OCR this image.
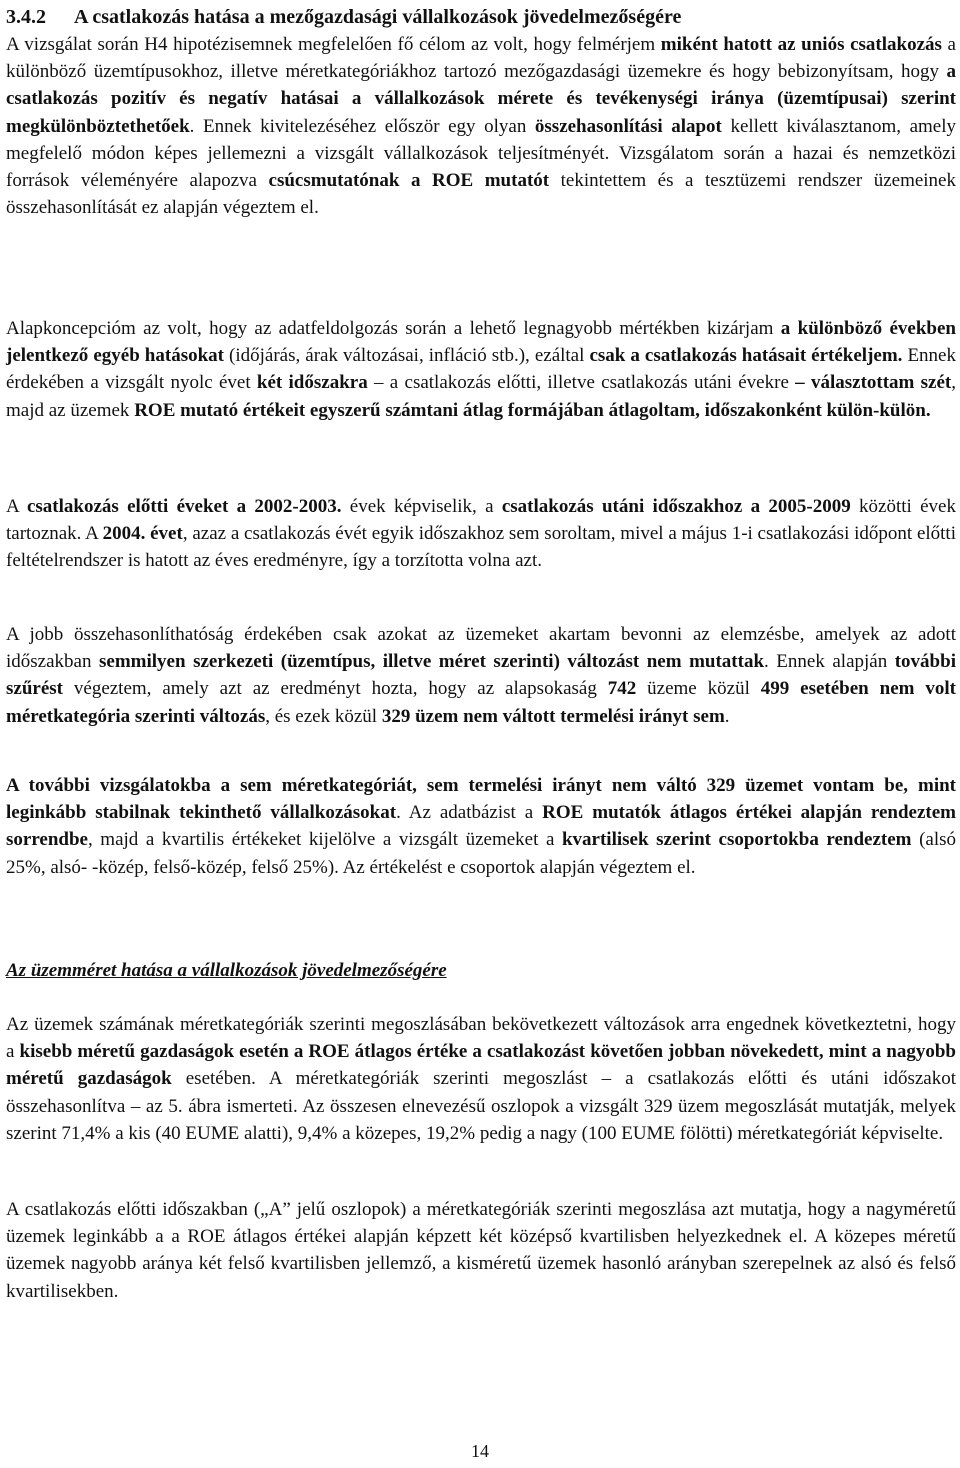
3.4.2 A csatlakozás hatása a mezőgazdasági vállalkozások jövedelmezőségére

A vizsgálat során H4 hipotézisemnek megfelelően fő célom az volt, hogy felmérjem miként hatott az uniós csatlakozás a különböző üzemtípusokhoz, illetve méretkategóriákhoz tartozó mezőgazdasági üzemekre és hogy bebizonyítsam, hogy a csatlakozás pozitív és negatív hatásai a vállalkozások mérete és tevékenységi iránya (üzemtípusai) szerint megkülönböztethetőek. Ennek kivitelezéséhez először egy olyan összehasonlítási alapot kellett kiválasztanom, amely megfelelő módon képes jellemezni a vizsgált vállalkozások teljesítményét. Vizsgálatom során a hazai és nemzetközi források véleményére alapozva csúcsmutatónak a ROE mutatót tekintettem és a tesztüzemi rendszer üzemeinek összehasonlítását ez alapján végeztem el.

Alapkoncepcióm az volt, hogy az adatfeldolgozás során a lehető legnagyobb mértékben kizárjam a különböző években jelentkező egyéb hatásokat (időjárás, árak változásai, infláció stb.), ezáltal csak a csatlakozás hatásait értékeljem. Ennek érdekében a vizsgált nyolc évet két időszakra – a csatlakozás előtti, illetve csatlakozás utáni évekre – választottam szét, majd az üzemek ROE mutató értékeit egyszerű számtani átlag formájában átlagoltam, időszakonként külön-külön.

A csatlakozás előtti éveket a 2002-2003. évek képviselik, a csatlakozás utáni időszakhoz a 2005-2009 közötti évek tartoznak. A 2004. évet, azaz a csatlakozás évét egyik időszakhoz sem soroltam, mivel a május 1-i csatlakozási időpont előtti feltételrendszer is hatott az éves eredményre, így a torzította volna azt.

A jobb összehasonlíthatóság érdekében csak azokat az üzemeket akartam bevonni az elemzésbe, amelyek az adott időszakban semmilyen szerkezeti (üzemtípus, illetve méret szerinti) változást nem mutattak. Ennek alapján további szűrést végeztem, amely azt az eredményt hozta, hogy az alapsokaság 742 üzeme közül 499 esetében nem volt méretkategória szerinti változás, és ezek közül 329 üzem nem váltott termelési irányt sem.

A további vizsgálatokba a sem méretkategóriát, sem termelési irányt nem váltó 329 üzemet vontam be, mint leginkább stabilnak tekinthető vállalkozásokat. Az adatbázist a ROE mutatók átlagos értékei alapján rendeztem sorrendbe, majd a kvartilis értékeket kijelölve a vizsgált üzemeket a kvartilisek szerint csoportokba rendeztem (alsó 25%, alsó- -közép, felső-közép, felső 25%). Az értékelést e csoportok alapján végeztem el.

Az üzemméret hatása a vállalkozások jövedelmezőségére

Az üzemek számának méretkategóriák szerinti megoszlásában bekövetkezett változások arra engednek következtetni, hogy a kisebb méretű gazdaságok esetén a ROE átlagos értéke a csatlakozást követően jobban növekedett, mint a nagyobb méretű gazdaságok esetében. A méretkategóriák szerinti megoszlást – a csatlakozás előtti és utáni időszakot összehasonlítva – az 5. ábra ismerteti. Az összesen elnevezésű oszlopok a vizsgált 329 üzem megoszlását mutatják, melyek szerint 71,4% a kis (40 EUME alatti), 9,4% a közepes, 19,2% pedig a nagy (100 EUME fölötti) méretkategóriát képviselte.

A csatlakozás előtti időszakban („A” jelű oszlopok) a méretkategóriák szerinti megoszlása azt mutatja, hogy a nagyméretű üzemek leginkább a a ROE átlagos értékei alapján képzett két középső kvartilisben helyezkednek el. A közepes méretű üzemek nagyobb aránya két felső kvartilisben jellemző, a kisméretű üzemek hasonló arányban szerepelnek az alsó és felső kvartilisekben.

14
